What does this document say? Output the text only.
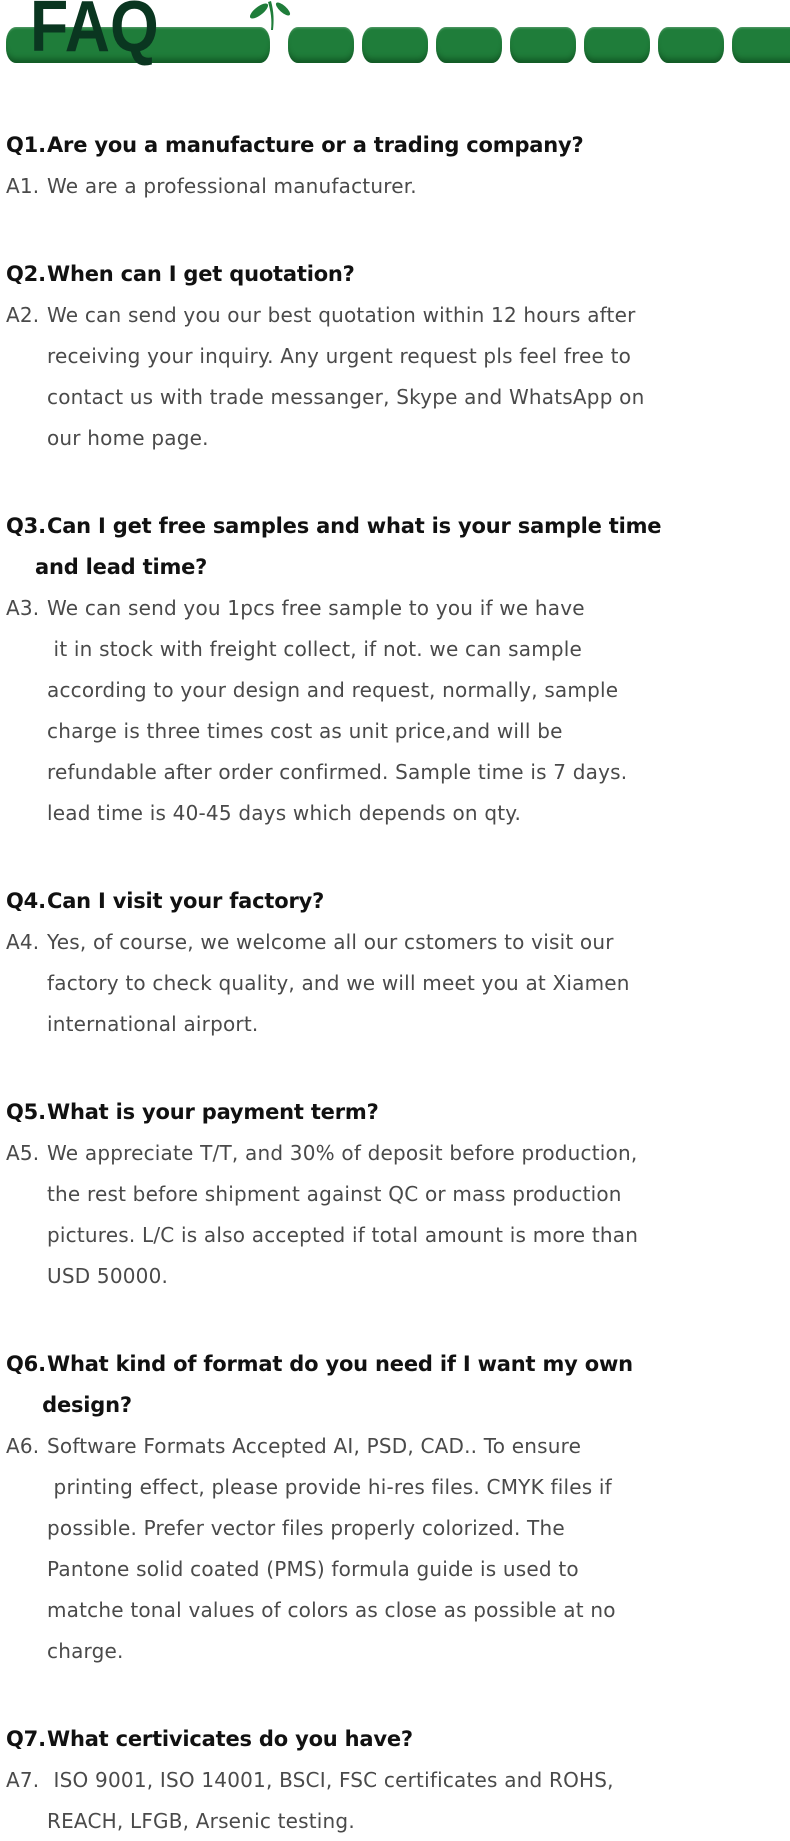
FAQ
Q1.Are you a manufacture or a trading company?
A1. We are a professional manufacturer.
Q2.When can I get quotation?
A2. We can send you our best quotation within 12 hours after
receiving your inquiry. Any urgent request pls feel free to
contact us with trade messanger, Skype and WhatsApp on
our home page.
Q3.Can I get free samples and what is your sample time
and lead time?
A3. We can send you 1pcs free sample to you if we have
it in stock with freight collect, if not. we can sample
according to your design and request, normally, sample
charge is three times cost as unit price,and will be
refundable after order confirmed. Sample time is 7 days.
lead time is 40-45 days which depends on qty.
Q4.Can I visit your factory?
A4. Yes, of course, we welcome all our cstomers to visit our
factory to check quality, and we will meet you at Xiamen
international airport.
Q5.What is your payment term?
A5. We appreciate T/T, and 30% of deposit before production,
the rest before shipment against QC or mass production
pictures. L/C is also accepted if total amount is more than
USD 50000.
Q6.What kind of format do you need if I want my own
design?
A6. Software Formats Accepted AI, PSD, CAD.. To ensure
printing effect, please provide hi-res files. CMYK files if
possible. Prefer vector files properly colorized. The
Pantone solid coated (PMS) formula guide is used to
matche tonal values of colors as close as possible at no
charge.
Q7.What certivicates do you have?
A7. ISO 9001, ISO 14001, BSCI, FSC certificates and ROHS,
REACH, LFGB, Arsenic testing.
